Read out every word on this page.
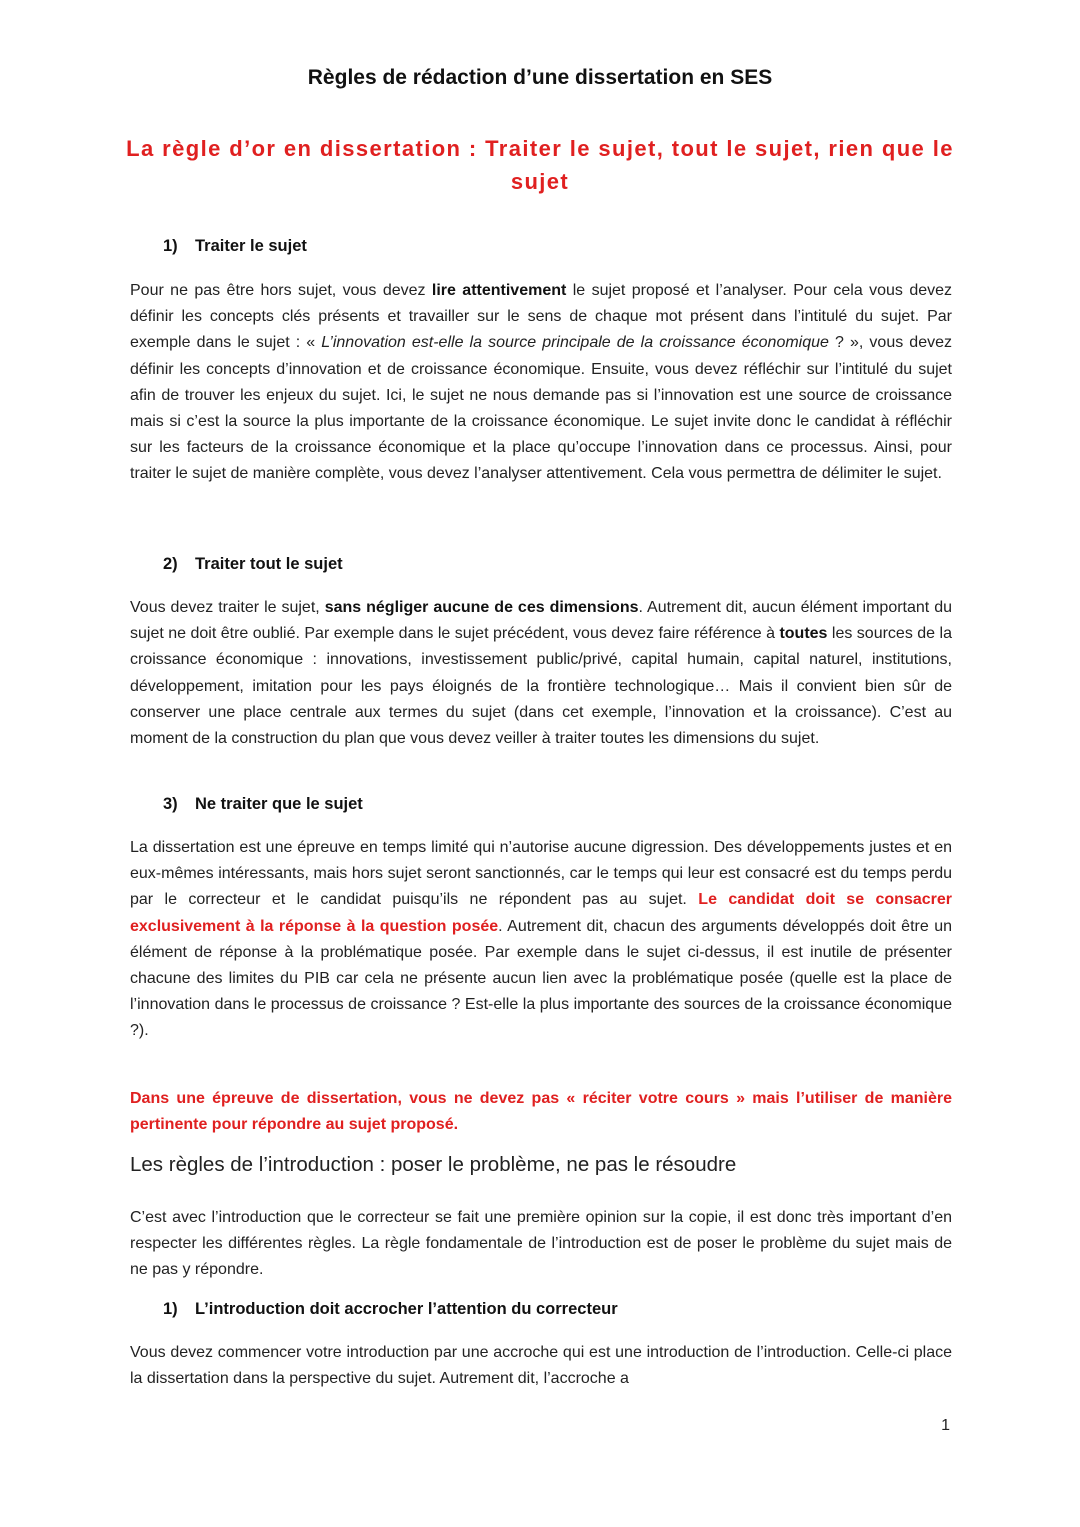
Règles de rédaction d’une dissertation en SES
La règle d’or en dissertation : Traiter le sujet, tout le sujet, rien que le sujet
1) Traiter le sujet
Pour ne pas être hors sujet, vous devez lire attentivement le sujet proposé et l’analyser. Pour cela vous devez définir les concepts clés présents et travailler sur le sens de chaque mot présent dans l’intitulé du sujet. Par exemple dans le sujet : « L’innovation est-elle la source principale de la croissance économique ? », vous devez définir les concepts d’innovation et de croissance économique. Ensuite, vous devez réfléchir sur l’intitulé du sujet afin de trouver les enjeux du sujet. Ici, le sujet ne nous demande pas si l’innovation est une source de croissance mais si c’est la source la plus importante de la croissance économique. Le sujet invite donc le candidat à réfléchir sur les facteurs de la croissance économique et la place qu’occupe l’innovation dans ce processus. Ainsi, pour traiter le sujet de manière complète, vous devez l’analyser attentivement. Cela vous permettra de délimiter le sujet.
2) Traiter tout le sujet
Vous devez traiter le sujet, sans négliger aucune de ces dimensions. Autrement dit, aucun élément important du sujet ne doit être oublié. Par exemple dans le sujet précédent, vous devez faire référence à toutes les sources de la croissance économique : innovations, investissement public/privé, capital humain, capital naturel, institutions, développement, imitation pour les pays éloignés de la frontière technologique… Mais il convient bien sûr de conserver une place centrale aux termes du sujet (dans cet exemple, l’innovation et la croissance). C’est au moment de la construction du plan que vous devez veiller à traiter toutes les dimensions du sujet.
3) Ne traiter que le sujet
La dissertation est une épreuve en temps limité qui n’autorise aucune digression. Des développements justes et en eux-mêmes intéressants, mais hors sujet seront sanctionnés, car le temps qui leur est consacré est du temps perdu par le correcteur et le candidat puisqu’ils ne répondent pas au sujet. Le candidat doit se consacrer exclusivement à la réponse à la question posée. Autrement dit, chacun des arguments développés doit être un élément de réponse à la problématique posée. Par exemple dans le sujet ci-dessus, il est inutile de présenter chacune des limites du PIB car cela ne présente aucun lien avec la problématique posée (quelle est la place de l’innovation dans le processus de croissance ? Est-elle la plus importante des sources de la croissance économique ?).
Dans une épreuve de dissertation, vous ne devez pas « réciter votre cours » mais l’utiliser de manière pertinente pour répondre au sujet proposé.
Les règles de l’introduction : poser le problème, ne pas le résoudre
C’est avec l’introduction que le correcteur se fait une première opinion sur la copie, il est donc très important d’en respecter les différentes règles. La règle fondamentale de l’introduction est de poser le problème du sujet mais de ne pas y répondre.
1) L’introduction doit accrocher l’attention du correcteur
Vous devez commencer votre introduction par une accroche qui est une introduction de l’introduction. Celle-ci place la dissertation dans la perspective du sujet. Autrement dit, l’accroche a
1
